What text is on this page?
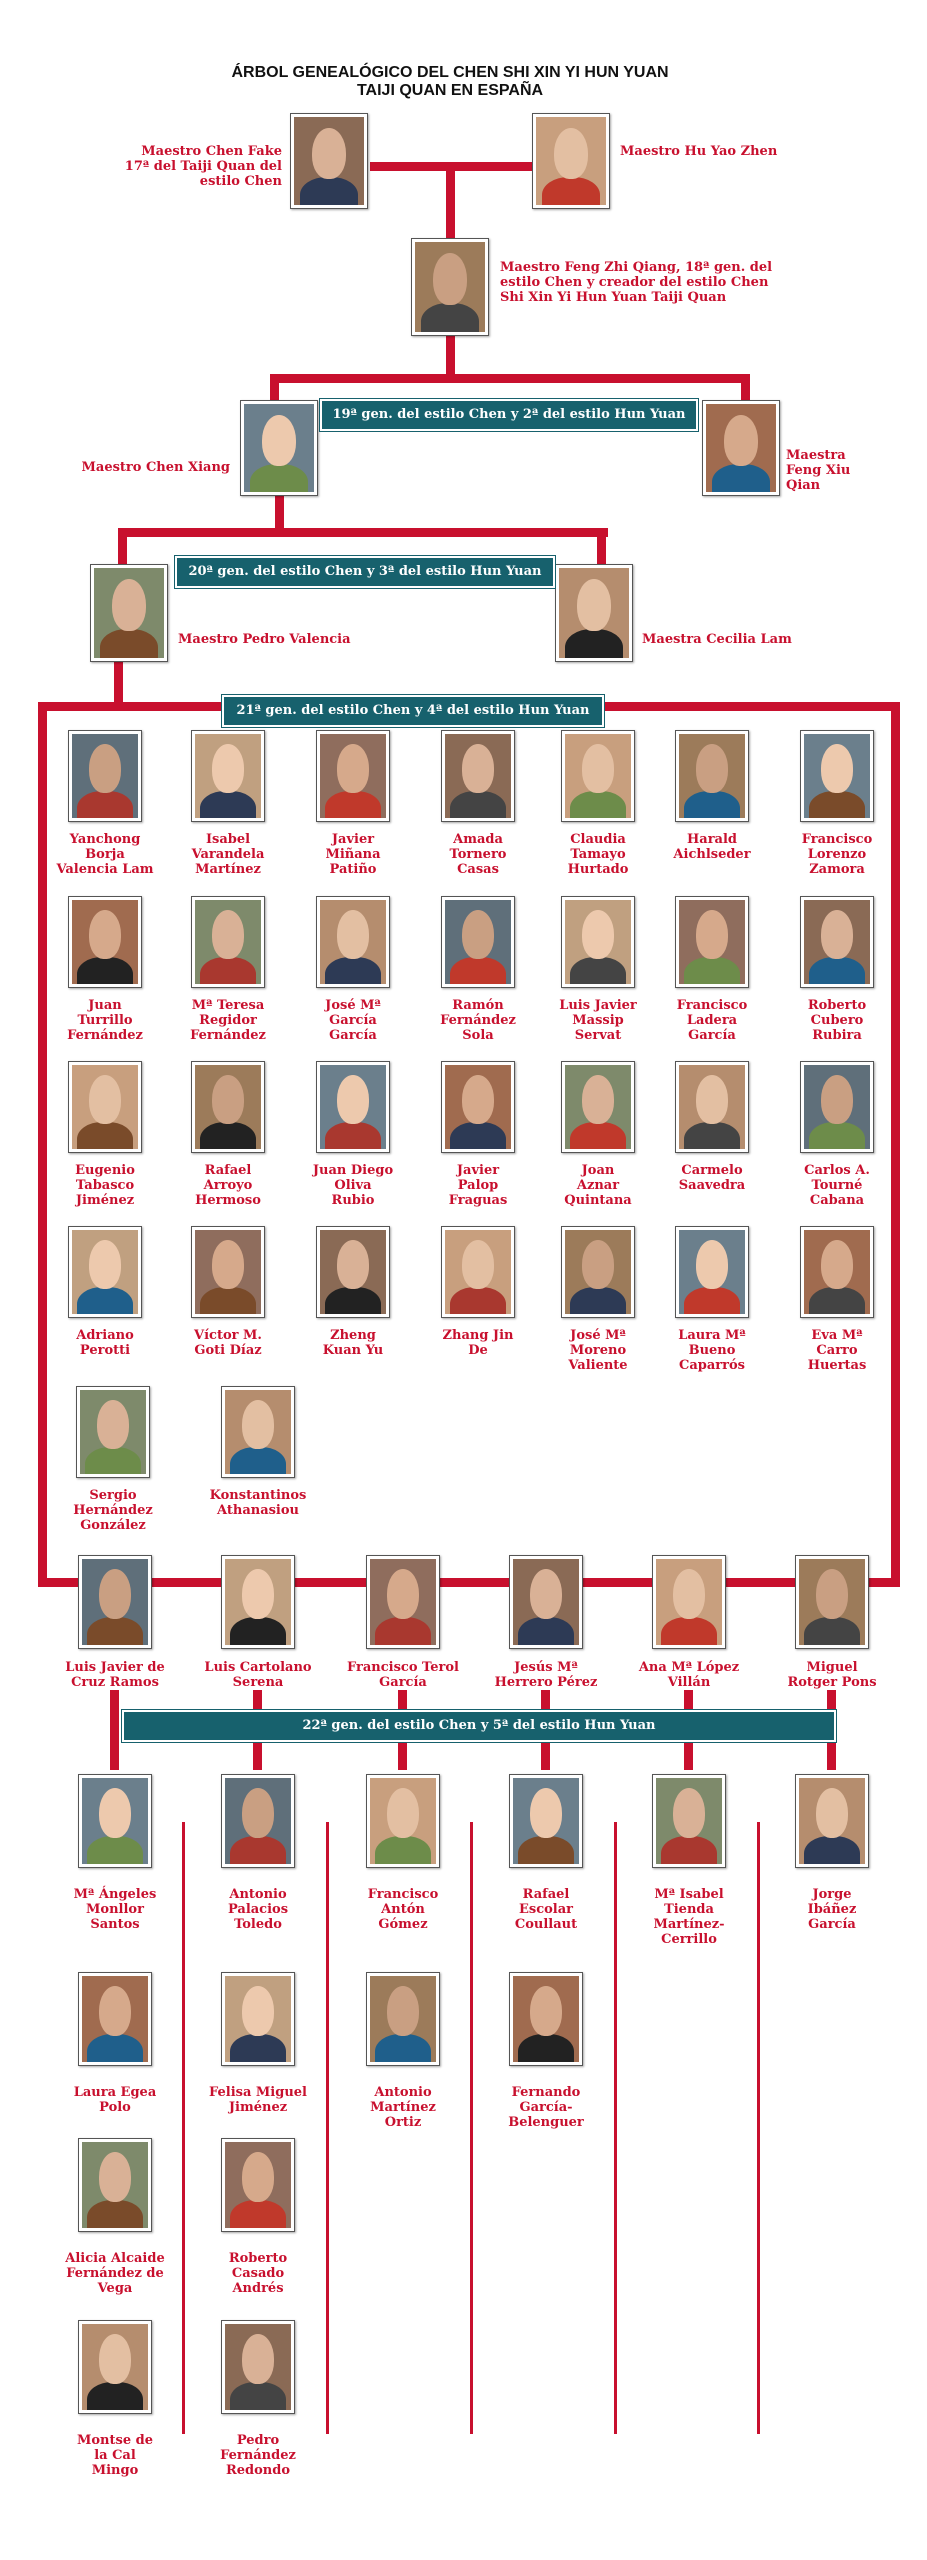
ÁRBOL GENEALÓGICO DEL CHEN SHI XIN YI HUN YUAN
TAIJI QUAN EN ESPAÑA
Maestro Chen Fake
17ª del Taiji Quan del
estilo Chen
Maestro Hu Yao Zhen
Maestro Feng Zhi Qiang, 18ª gen. del
estilo Chen y creador del estilo Chen
Shi Xin Yi Hun Yuan Taiji Quan
Maestro Chen Xiang
Maestra
Feng Xiu
Qian
Maestro Pedro Valencia	Maestra Cecilia Lam
Yanchong
Borja
Valencia Lam
Isabel
Varandela
Martínez
Javier
Miñana
Patiño
Amada
Tornero
Casas
Claudia
Tamayo
Hurtado
Harald
Aichlseder
Francisco
Lorenzo
Zamora
Juan
Turrillo
Fernández
Mª Teresa
Regidor
Fernández
José Mª
García
García
Ramón
Fernández
Sola
Luis Javier
Massip
Servat
Francisco
Ladera
García
Roberto
Cubero
Rubira
Eugenio
Tabasco
Jiménez
Rafael
Arroyo
Hermoso
Juan Diego
Oliva
Rubio
Javier
Palop
Fraguas
Joan
Aznar
Quintana
Carmelo
Saavedra
Carlos A.
Tourné
Cabana
Adriano
Perotti
Víctor M.
Goti Díaz
Zheng
Kuan Yu
Zhang Jin
De
José Mª
Moreno
Valiente
Laura Mª
Bueno
Caparrós
Eva Mª
Carro
Huertas
Sergio
Hernández
González
Konstantinos
Athanasiou
Luis Javier de
Cruz Ramos
Luis Cartolano
Serena
Francisco Terol
García
Jesús Mª
Herrero Pérez
Ana Mª López
Villán
Miguel
Rotger Pons
Mª Ángeles
Monllor
Santos
Laura Egea
Polo
Alicia Alcaide
Fernández de
Vega
Montse de
la Cal
Mingo
Antonio
Palacios
Toledo
Felisa Miguel
Jiménez
Roberto
Casado
Andrés
Pedro
Fernández
Redondo
Francisco
Antón
Gómez
Antonio
Martínez
Ortiz
Rafael
Escolar
Coullaut
Fernando
García-
Belenguer
Mª Isabel
Tienda
Martínez-
Cerrillo
Jorge
Ibáñez
García
19ª gen. del estilo Chen y 2ª del estilo Hun Yuan
20ª gen. del estilo Chen y 3ª del estilo Hun Yuan
21ª gen. del estilo Chen y 4ª del estilo Hun Yuan
22ª gen. del estilo Chen y 5ª del estilo Hun Yuan
